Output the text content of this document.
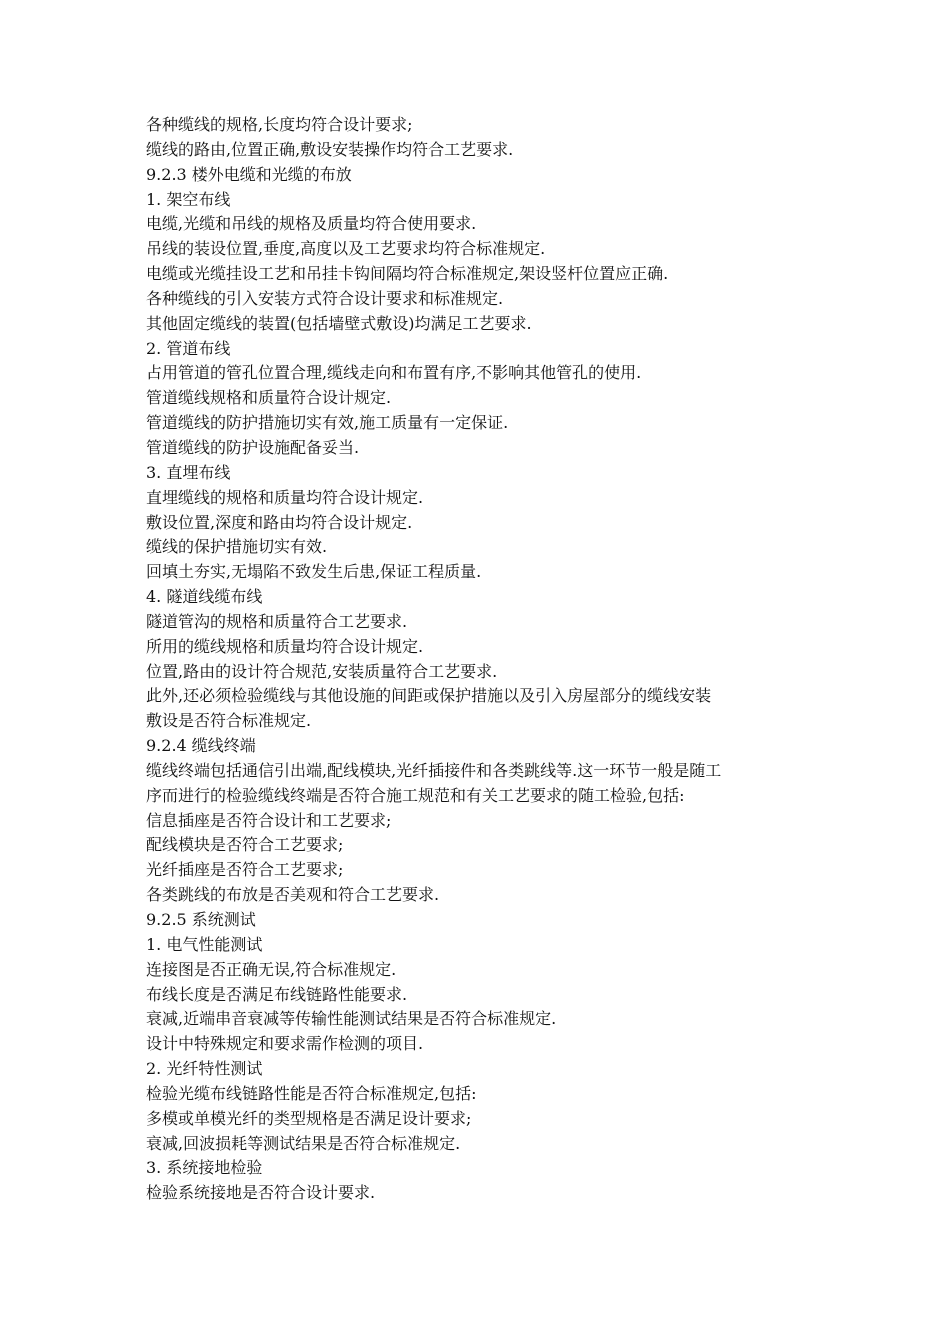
各种缆线的规格,长度均符合设计要求;

缆线的路由,位置正确,敷设安装操作均符合工艺要求.

9.2.3 楼外电缆和光缆的布放

1. 架空布线

电缆,光缆和吊线的规格及质量均符合使用要求.

吊线的装设位置,垂度,高度以及工艺要求均符合标准规定.

电缆或光缆挂设工艺和吊挂卡钩间隔均符合标准规定,架设竖杆位置应正确.

各种缆线的引入安装方式符合设计要求和标准规定.

其他固定缆线的装置(包括墙壁式敷设)均满足工艺要求.

2. 管道布线

占用管道的管孔位置合理,缆线走向和布置有序,不影响其他管孔的使用.

管道缆线规格和质量符合设计规定.

管道缆线的防护措施切实有效,施工质量有一定保证.

管道缆线的防护设施配备妥当.

3. 直埋布线

直埋缆线的规格和质量均符合设计规定.

敷设位置,深度和路由均符合设计规定.

缆线的保护措施切实有效.

回填土夯实,无塌陷不致发生后患,保证工程质量.

4. 隧道线缆布线

隧道管沟的规格和质量符合工艺要求.

所用的缆线规格和质量均符合设计规定.

位置,路由的设计符合规范,安装质量符合工艺要求.

此外,还必须检验缆线与其他设施的间距或保护措施以及引入房屋部分的缆线安装

敷设是否符合标准规定.

9.2.4 缆线终端

缆线终端包括通信引出端,配线模块,光纤插接件和各类跳线等.这一环节一般是随工

序而进行的检验缆线终端是否符合施工规范和有关工艺要求的随工检验,包括:

信息插座是否符合设计和工艺要求;

配线模块是否符合工艺要求;

光纤插座是否符合工艺要求;

各类跳线的布放是否美观和符合工艺要求.

9.2.5 系统测试

1. 电气性能测试

连接图是否正确无误,符合标准规定.

布线长度是否满足布线链路性能要求.

衰减,近端串音衰减等传输性能测试结果是否符合标准规定.

设计中特殊规定和要求需作检测的项目.

2. 光纤特性测试

检验光缆布线链路性能是否符合标准规定,包括:

多模或单模光纤的类型规格是否满足设计要求;

衰减,回波损耗等测试结果是否符合标准规定.

3. 系统接地检验

检验系统接地是否符合设计要求.
